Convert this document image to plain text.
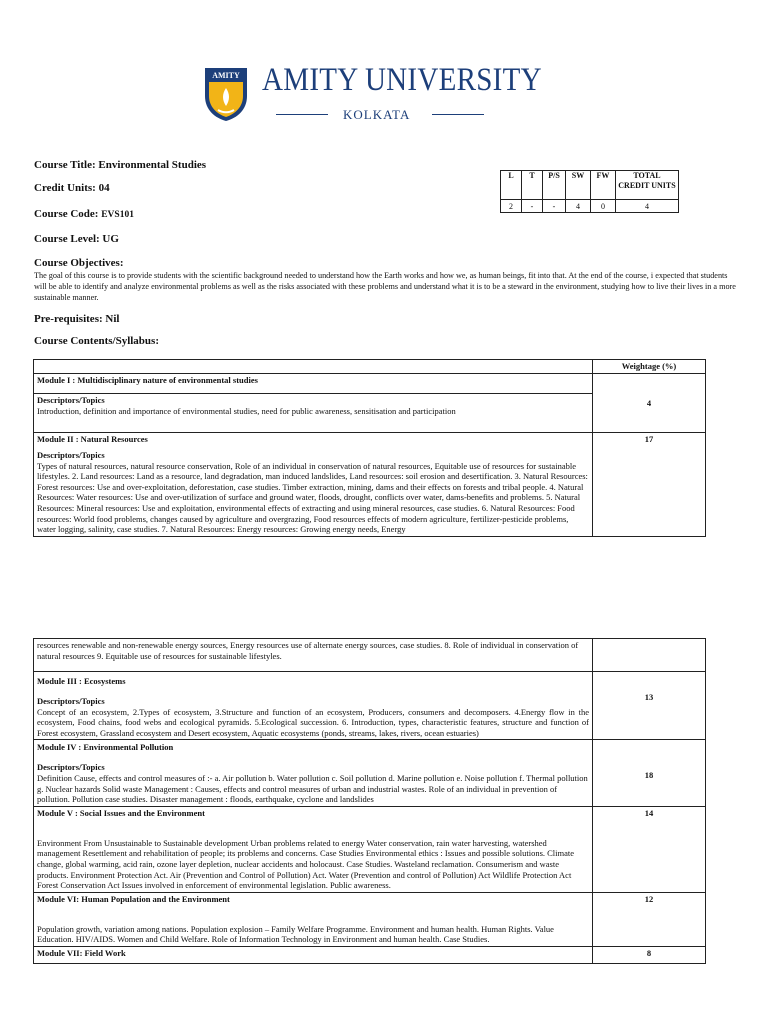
AMITY AMITY UNIVERSITY
KOLKATA
Course Title: Environmental Studies
Credit Units: 04
Course Code: EVS101
Course Level: UG
Course Objectives:
The goal of this course is to provide students with the scientific background needed to understand how the Earth works and how we, as human beings, fit into that. At the end of the course, i expected that students will be able to identify and analyze environmental problems as well as the risks associated with these problems and understand what it is to be a steward in the environment, studying how to live their lives in a more sustainable manner.
Pre-requisites: Nil
Course Contents/Syllabus:
L	T	P/S	SW	FW	TOTAL CREDIT UNITS
2	-	-	4	0	4
	Weightage (%)
Module I : Multidisciplinary nature of environmental studies	4

Descriptors/Topics
Introduction, definition and importance of environmental studies, need for public awareness, sensitisation and participation	

Module II : Natural Resources
Descriptors/Topics
Types of natural resources, natural resource conservation, Role of an individual in conservation of natural resources, Equitable use of resources for sustainable lifestyles. 2. Land resources: Land as a resource, land degradation, man induced landslides, Land resources: soil erosion and desertification. 3. Natural Resources: Forest resources: Use and over-exploitation, deforestation, case studies. Timber extraction, mining, dams and their effects on forests and tribal people. 4. Natural Resources: Water resources: Use and over-utilization of surface and ground water, floods, drought, conflicts over water, dams-benefits and problems. 5. Natural Resources: Mineral resources: Use and exploitation, environmental effects of extracting and using mineral resources, case studies. 6. Natural Resources: Food resources: World food problems, changes caused by agriculture and overgrazing, Food resources effects of modern agriculture, fertilizer-pesticide problems, water logging, salinity, case studies. 7. Natural Resources: Energy resources: Growing energy needs, Energy	17
resources renewable and non-renewable energy sources, Energy resources use of alternate energy sources, case studies. 8. Role of individual in conservation of natural resources 9. Equitable use of resources for sustainable lifestyles.	

Module III : Ecosystems
Descriptors/Topics
Concept of an ecosystem, 2.Types of ecosystem, 3.Structure and function of an ecosystem, Producers, consumers and decomposers. 4.Energy flow in the ecosystem, Food chains, food webs and ecological pyramids. 5.Ecological succession. 6. Introduction, types, characteristic features, structure and function of Forest ecosystem, Grassland ecosystem and Desert ecosystem, Aquatic ecosystems (ponds, streams, lakes, rivers, ocean estuaries)	13

Module IV : Environmental Pollution
Descriptors/Topics
Definition Cause, effects and control measures of :- a. Air pollution b. Water pollution c. Soil pollution d. Marine pollution e. Noise pollution f. Thermal pollution g. Nuclear hazards Solid waste Management : Causes, effects and control measures of urban and industrial wastes. Role of an individual in prevention of pollution. Pollution case studies. Disaster management : floods, earthquake, cyclone and landslides	18

Module V : Social Issues and the Environment
Environment From Unsustainable to Sustainable development Urban problems related to energy Water conservation, rain water harvesting, watershed management Resettlement and rehabilitation of people; its problems and concerns. Case Studies Environmental ethics : Issues and possible solutions. Climate change, global warming, acid rain, ozone layer depletion, nuclear accidents and holocaust. Case Studies. Wasteland reclamation. Consumerism and waste products. Environment Protection Act. Air (Prevention and Control of Pollution) Act. Water (Prevention and control of Pollution) Act Wildlife Protection Act Forest Conservation Act Issues involved in enforcement of environmental legislation. Public awareness.	14

Module VI: Human Population and the Environment
Population growth, variation among nations. Population explosion – Family Welfare Programme. Environment and human health. Human Rights. Value Education. HIV/AIDS. Women and Child Welfare. Role of Information Technology in Environment and human health. Case Studies.	12
Module VII: Field Work	8
